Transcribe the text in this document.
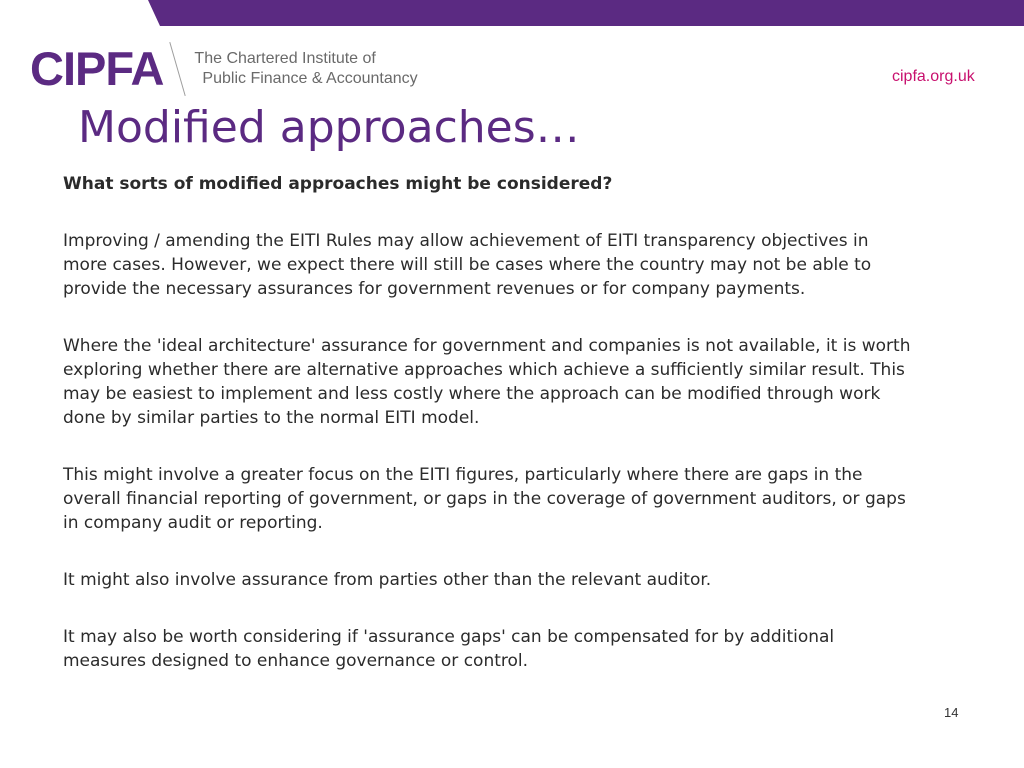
CIPFA The Chartered Institute of
Public Finance & Accountancy	cipfa.org.uk
Modified approaches…

What sorts of modified approaches might be considered?

Improving / amending the EITI Rules may allow achievement of EITI transparency objectives in more cases. However, we expect there will still be cases where the country may not be able to provide the necessary assurances for government revenues or for company payments.

Where the 'ideal architecture' assurance for government and companies is not available, it is worth exploring whether there are alternative approaches which achieve a sufficiently similar result. This may be easiest to implement and less costly where the approach can be modified through work done by similar parties to the normal EITI model.

This might involve a greater focus on the EITI figures, particularly where there are gaps in the overall financial reporting of government, or gaps in the coverage of government auditors, or gaps in company audit or reporting.

It might also involve assurance from parties other than the relevant auditor.

It may also be worth considering if 'assurance gaps' can be compensated for by additional measures designed to enhance governance or control.

14
